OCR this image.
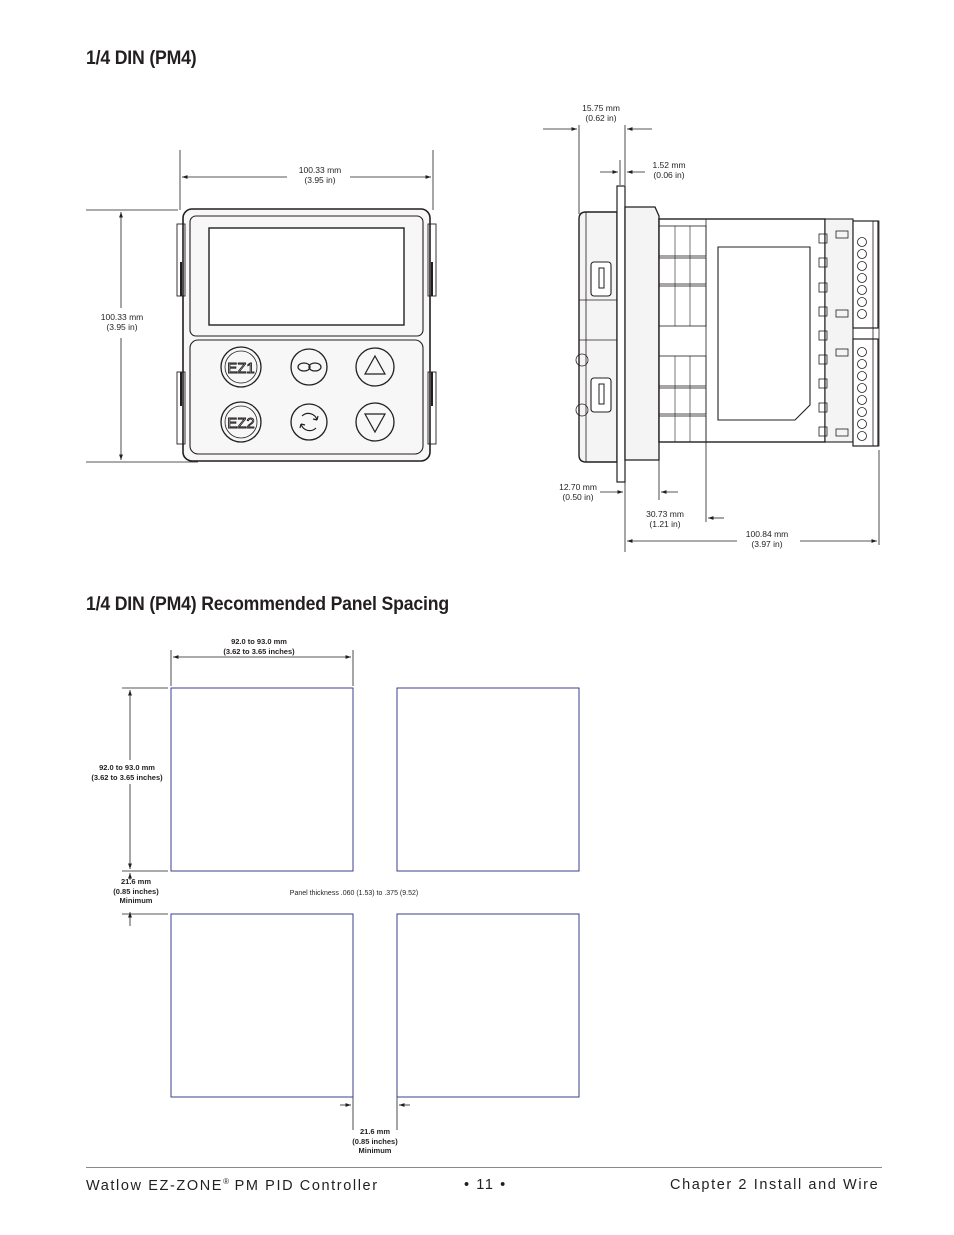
1/4 DIN (PM4)
1/4 DIN (PM4) Recommended Panel Spacing
EZ1
EZ2
100.33 mm
(3.95 in)
100.33 mm
(3.95 in)
15.75 mm
(0.62 in)
1.52 mm
(0.06 in)
12.70 mm
(0.50 in)
30.73 mm
(1.21 in)
100.84 mm
(3.97 in)
92.0 to 93.0 mm
(3.62 to 3.65 inches)
92.0 to 93.0 mm
(3.62 to 3.65 inches)
21.6 mm
(0.85 inches)
Minimum
Panel thickness .060 (1.53) to .375 (9.52)
21.6 mm
(0.85 inches)
Minimum
Watlow EZ-ZONE® PM PID Controller	• 11 •	Chapter 2 Install and Wire
